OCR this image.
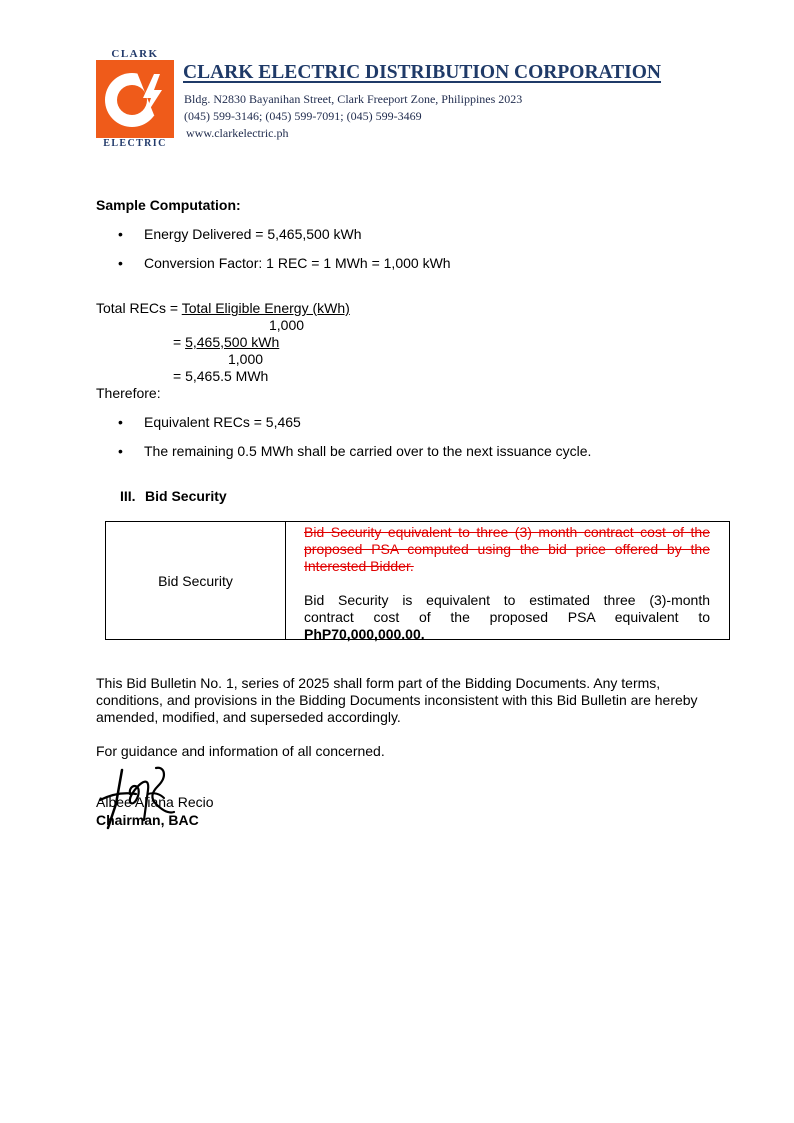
CLARK
ELECTRIC
CLARK ELECTRIC DISTRIBUTION CORPORATION
Bldg. N2830 Bayanihan Street, Clark Freeport Zone, Philippines 2023
(045) 599-3146; (045) 599-7091; (045) 599-3469
www.clarkelectric.ph
Sample Computation:
• Energy Delivered = 5,465,500 kWh
• Conversion Factor: 1 REC = 1 MWh = 1,000 kWh
Total RECs = Total Eligible Energy (kWh)
1,000
= 5,465,500 kWh
1,000
= 5,465.5 MWh
Therefore:
• Equivalent RECs = 5,465
• The remaining 0.5 MWh shall be carried over to the next issuance cycle.
III. Bid Security
Bid Security
Bid Security equivalent to three (3) month contract cost of the
proposed PSA computed using the bid price offered by the
Interested Bidder.
Bid Security is equivalent to estimated three (3)-month
contract cost of the proposed PSA equivalent to
PhP70,000,000.00.
This Bid Bulletin No. 1, series of 2025 shall form part of the Bidding Documents. Any terms, conditions, and provisions in the Bidding Documents inconsistent with this Bid Bulletin are hereby amended, modified, and superseded accordingly.
For guidance and information of all concerned.
Albee Aliana Recio
Chairman, BAC
